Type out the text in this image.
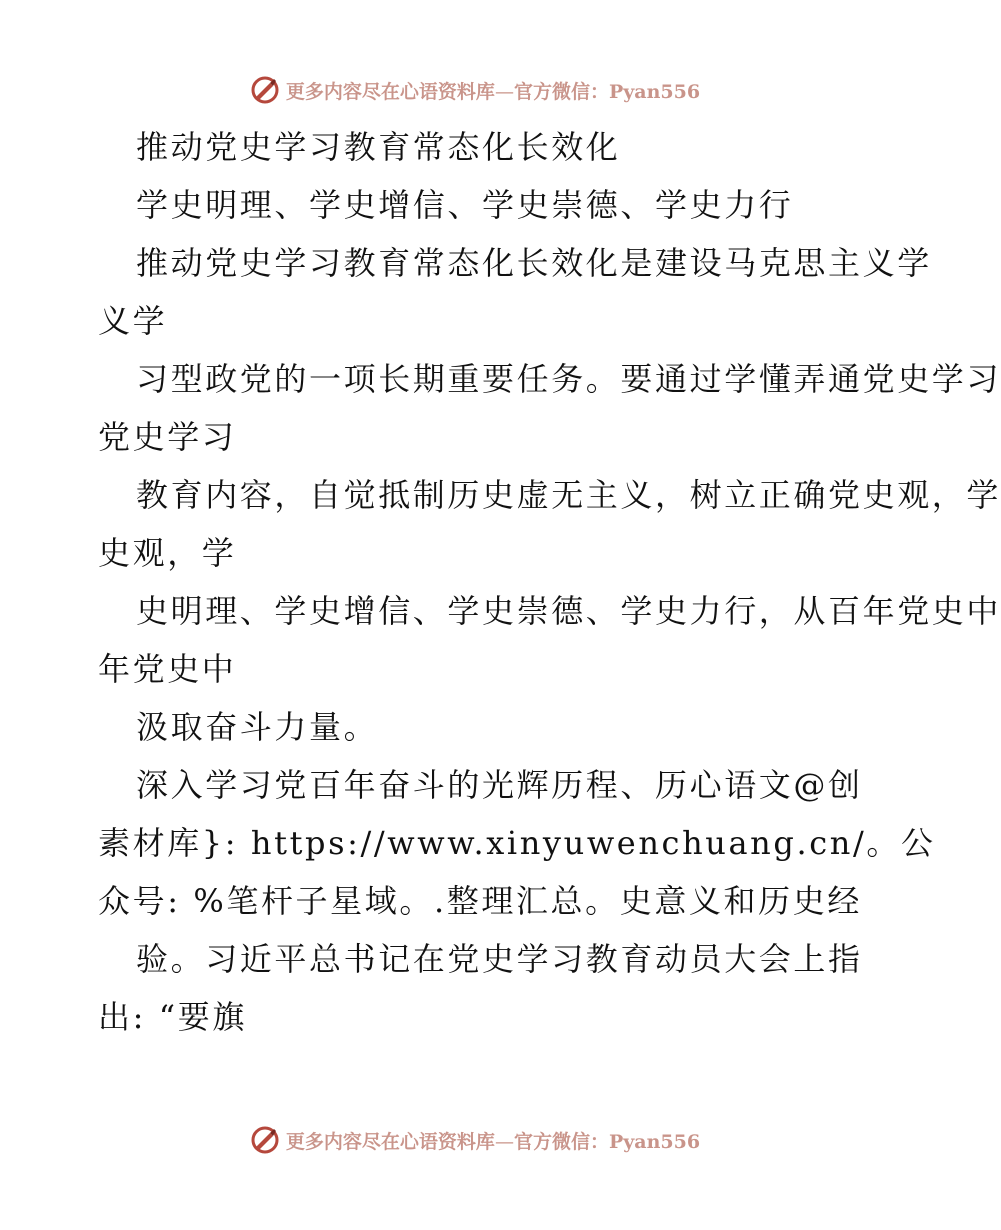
更多内容尽在心语资料库—官方微信：Pyan556
推动党史学习教育常态化长效化
学史明理、学史增信、学史崇德、学史力行
推动党史学习教育常态化长效化是建设马克思主义学
义学
习型政党的一项长期重要任务。要通过学懂弄通党史学习
党史学习
教育内容，自觉抵制历史虚无主义，树立正确党史观，学
史观，学
史明理、学史增信、学史崇德、学史力行，从百年党史中
年党史中
汲取奋斗力量。
深入学习党百年奋斗的光辉历程、历心语文@创
素材库}: https://www.xinyuwenchuang.cn/。公
众号: %笔杆子星域。.整理汇总。史意义和历史经
验。习近平总书记在党史学习教育动员大会上指
出: “要旗
更多内容尽在心语资料库—官方微信：Pyan556
